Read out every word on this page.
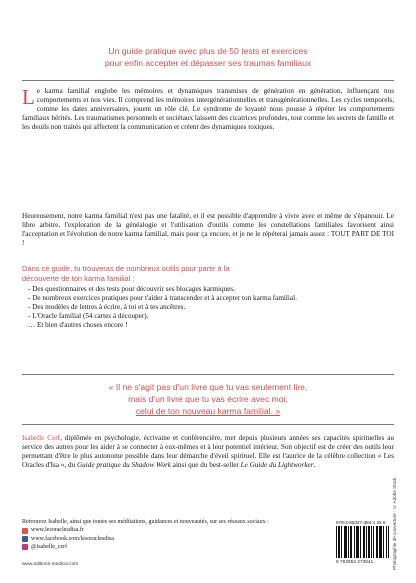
Un guide pratique avec plus de 50 tests et exercices
pour enfin accepter et dépasser ses traumas familiaux

Le karma familial englobe les mémoires et dynamiques transmises de génération en génération, influençant nos comportements et nos vies. Il comprend les mémoires intergénérationnelles et transgénérationnelles. Les cycles temporels, comme les dates anniversaires, jouent un rôle clé. Le syndrome de loyauté nous pousse à répéter les comportements familiaux hérités. Les traumatismes personnels et sociétaux laissent des cicatrices profondes, tout comme les secrets de famille et les deuils non traités qui affectent la communication et créent des dynamiques toxiques.

Heureusement, notre karma familial n'est pas une fatalité, et il est possible d'apprendre à vivre avec et même de s'épanouir. Le libre arbitre, l'exploration de la généalogie et l'utilisation d'outils comme les constellations familiales favorisent ainsi l'acceptation et l'évolution de notre karma familial, mais pour ça encore, et je ne le répéterai jamais assez : TOUT PART DE TOI !

Dans ce guide, tu trouveras de nombreux outils pour partir à la
découverte de ton karma familial :
- Des questionnaires et des tests pour découvrir ses blocages karmiques.
- De nombreux exercices pratiques pour t'aider à transcender et à accepter ton karma familial.
- Des modèles de lettres à écrire, à toi et à tes ancêtres.
- L'Oracle familial (54 cartes à découper).
… Et bien d'autres choses encore !
« Il ne s'agit pas d'un livre que tu vas seulement lire,
mais d'un livre que tu vas écrire avec moi,
celui de ton nouveau karma familial. »

Isabelle Cerf, diplômée en psychologie, écrivaine et conférencière, met depuis plusieurs années ses capacités spirituelles au service des autres pour les aider à se connecter à eux-mêmes et à leur potentiel intérieur. Son objectif est de créer des outils leur permettant d'être le plus autonome possible dans leur démarche d'éveil spirituel. Elle est l'autrice de la célèbre collection « Les Oracles d'Isa », du Guide pratique du Shadow Work ainsi que du best-seller Le Guide du Lightworker.

Retrouvez Isabelle, ainsi que toutes ses méditations, guidances et nouveautés, sur ses réseaux sociaux :
www.lesoraclesdisa.fr
www.facebook.com/lesoraclesdisa
@isabelle_cerf
www.editions-medicis.com	Photographie de couverture : © Adobe Stock

978-2-85327-384-1 25 €

9 782853 273841
